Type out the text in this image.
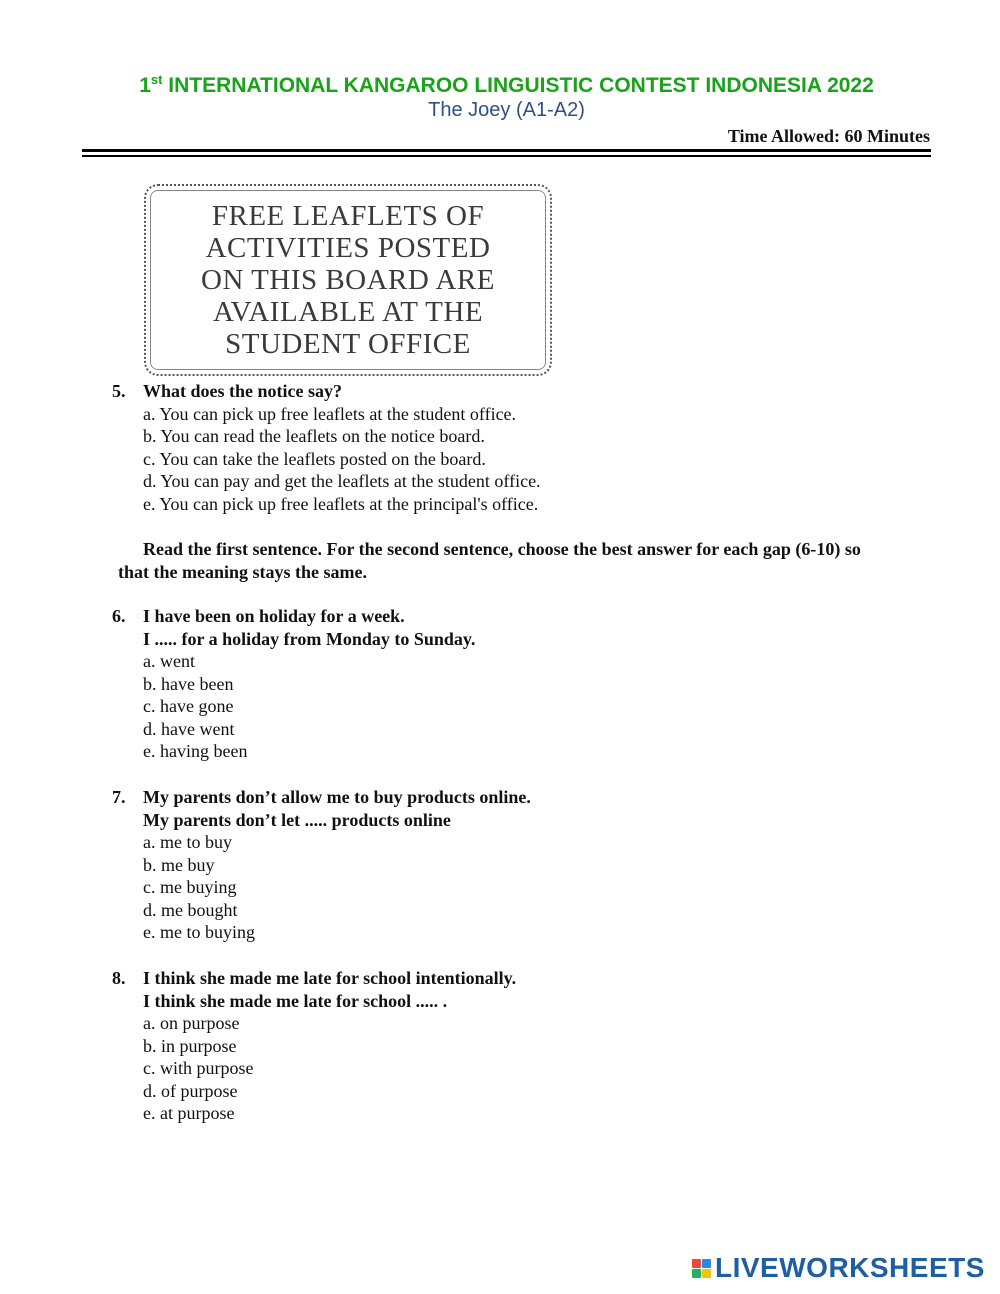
1st INTERNATIONAL KANGAROO LINGUISTIC CONTEST INDONESIA 2022
The Joey (A1-A2)
Time Allowed: 60 Minutes
FREE LEAFLETS OF
ACTIVITIES POSTED
ON THIS BOARD ARE
AVAILABLE AT THE
STUDENT OFFICE
5. What does the notice say?
a. You can pick up free leaflets at the student office.
b. You can read the leaflets on the notice board.
c. You can take the leaflets posted on the board.
d. You can pay and get the leaflets at the student office.
e. You can pick up free leaflets at the principal's office.
Read the first sentence. For the second sentence, choose the best answer for each gap (6-10) so
that the meaning stays the same.
6. I have been on holiday for a week.
I ..... for a holiday from Monday to Sunday.
a. went
b. have been
c. have gone
d. have went
e. having been
7. My parents don’t allow me to buy products online.
My parents don’t let ..... products online
a. me to buy
b. me buy
c. me buying
d. me bought
e. me to buying
8. I think she made me late for school intentionally.
I think she made me late for school ..... .
a. on purpose
b. in purpose
c. with purpose
d. of purpose
e. at purpose
LIVEWORKSHEETS
